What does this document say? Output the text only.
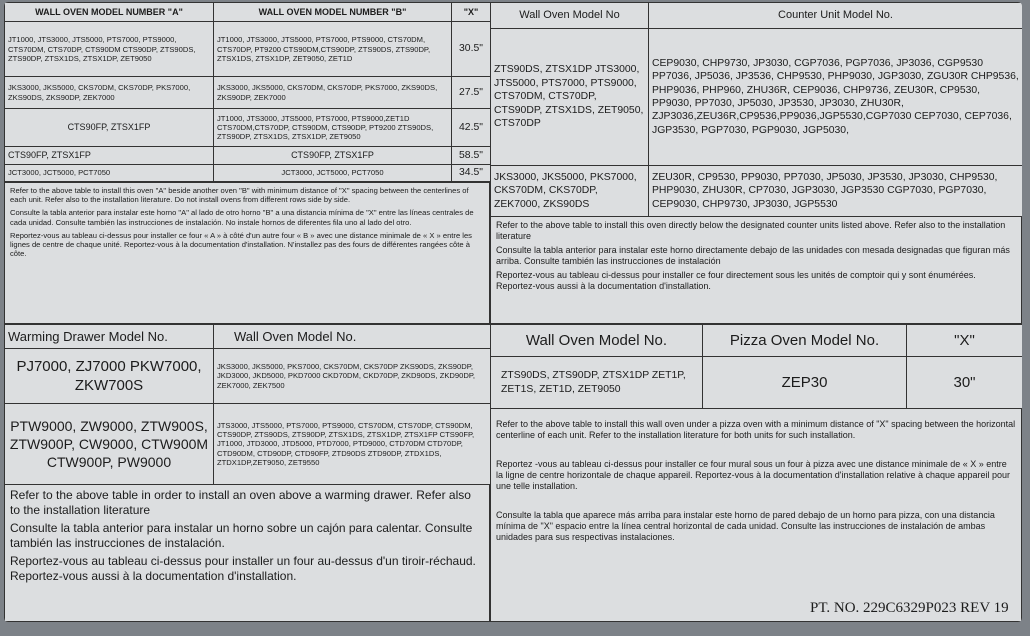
WALL OVEN MODEL NUMBER "A"	WALL OVEN MODEL NUMBER "B"	"X"
JT1000, JTS3000, JTS5000, PTS7000, PTS9000, CTS70DM, CTS70DP, CTS90DM CTS90DP, ZTS90DS, ZTS90DP, ZTSX1DS, ZTSX1DP, ZET9050	JT1000, JTS3000, JTS5000, PTS7000, PTS9000, CTS70DM, CTS70DP, PT9200 CTS90DM,CTS90DP, ZTS90DS, ZTS90DP, ZTSX1DS, ZTSX1DP, ZET9050, ZET1D	30.5"
JKS3000, JKS5000, CKS70DM, CKS70DP, PKS7000, ZKS90DS, ZKS90DP, ZEK7000	JKS3000, JKS5000, CKS70DM, CKS70DP, PKS7000, ZKS90DS, ZKS90DP, ZEK7000	27.5"
CTS90FP, ZTSX1FP	JT1000, JTS3000, JTS5000, PTS7000, PTS9000,ZET1D CTS70DM,CTS70DP, CTS90DM, CTS90DP, PT9200 ZTS90DS, ZTS90DP, ZTSX1DS, ZTSX1DP, ZET9050	42.5"
CTS90FP, ZTSX1FP	CTS90FP, ZTSX1FP	58.5"
JCT3000, JCT5000, PCT7050	JCT3000, JCT5000, PCT7050	34.5"

Refer to the above table to install this oven "A" beside another oven "B" with minimum distance of "X" spacing between the centerlines of each unit. Refer also to the installation literature. Do not install ovens from different rows side by side.

Consulte la tabla anterior para instalar este horno "A" al lado de otro horno "B" a una distancia mínima de "X" entre las líneas centrales de cada unidad. Consulte también las instrucciones de instalación. No instale hornos de diferentes fila uno al lado del otro.

Reportez-vous au tableau ci-dessus pour installer ce four « A » à côté d'un autre four « B » avec une distance minimale de « X » entre les lignes de centre de chaque unité. Reportez-vous à la documentation d'installation. N'installez pas des fours de différentes rangées côte à côte.

Wall Oven Model No	Counter Unit Model No.
ZTS90DS, ZTSX1DP JTS3000, JTS5000, PTS7000, PTS9000, CTS70DM, CTS70DP, CTS90DP, ZTSX1DS, ZET9050, CTS70DP	CEP9030, CHP9730, JP3030, CGP7036, PGP7036, JP3036, CGP9530 PP7036, JP5036, JP3536, CHP9530, PHP9030, JGP3030, ZGU30R CHP9536, PHP9036, PHP960, ZHU36R, CEP9036, CHP9736, ZEU30R, CP9530, PP9030, PP7030, JP5030, JP3530, JP3030, ZHU30R, ZJP3036,ZEU36R,CP9536,PP9036,JGP5530,CGP7030 CEP7030, CEP7036, JGP3530, PGP7030, PGP9030, JGP5030,
JKS3000, JKS5000, PKS7000, CKS70DM, CKS70DP, ZEK7000, ZKS90DS	ZEU30R, CP9530, PP9030, PP7030, JP5030, JP3530, JP3030, CHP9530, PHP9030, ZHU30R, CP7030, JGP3030, JGP3530 CGP7030, PGP7030, CEP9030, CHP9730, JP3030, JGP5530

Refer to the above table to install this oven directly below the designated counter units listed above. Refer also to the installation literature

Consulte la tabla anterior para instalar este horno directamente debajo de las unidades con mesada designadas que figuran más arriba. Consulte también las instrucciones de instalación

Reportez-vous au tableau ci-dessus pour installer ce four directement sous les unités de comptoir qui y sont énumérées. Reportez-vous aussi à la documentation d'installation.

Warming Drawer Model No.	Wall Oven Model No.
PJ7000, ZJ7000 PKW7000, ZKW700S	JKS3000, JKS5000, PKS7000, CKS70DM, CKS70DP ZKS90DS, ZKS90DP, JKD3000, JKD5000, PKD7000 CKD70DM, CKD70DP, ZKD90DS, ZKD90DP, ZEK7000, ZEK7500
PTW9000, ZW9000, ZTW900S, ZTW900P, CW9000, CTW900M CTW900P, PW9000	JTS3000, JTS5000, PTS7000, PTS9000, CTS70DM, CTS70DP, CTS90DM, CTS90DP, ZTS90DS, ZTS90DP, ZTSX1DS, ZTSX1DP, ZTSX1FP CTS90FP, JT1000, JTD3000, JTD5000, PTD7000, PTD9000, CTD70DM CTD70DP, CTD90DM, CTD90DP, CTD90FP, ZTD90DS ZTD90DP, ZTDX1DS, ZTDX1DP,ZET9050, ZET9550

Refer to the above table in order to install an oven above a warming drawer. Refer also to the installation literature

Consulte la tabla anterior para instalar un horno sobre un cajón para calentar. Consulte también las instrucciones de instalación.

Reportez-vous au tableau ci-dessus pour installer un four au-dessus d'un tiroir-réchaud. Reportez-vous aussi à la documentation d'installation.

Wall Oven Model No.	Pizza Oven Model No.	"X"
ZTS90DS, ZTS90DP, ZTSX1DP ZET1P, ZET1S, ZET1D, ZET9050	ZEP30	30"

Refer to the above table to install this wall oven under a pizza oven with a minimum distance of "X" spacing between the horizontal centerline of each unit. Refer to the installation literature for both units for such installation.

Reportez -vous au tableau ci-dessus pour installer ce four mural sous un four à pizza avec une distance minimale de « X » entre la ligne de centre horizontale de chaque appareil. Reportez-vous à la documentation d'installation relative à chaque appareil pour une telle installation.

Consulte la tabla que aparece más arriba para instalar este horno de pared debajo de un horno para pizza, con una distancia mínima de "X" espacio entre la línea central horizontal de cada unidad. Consulte las instrucciones de instalación de ambas unidades para sus respectivas instalaciones.

PT. NO. 229C6329P023 REV 19
